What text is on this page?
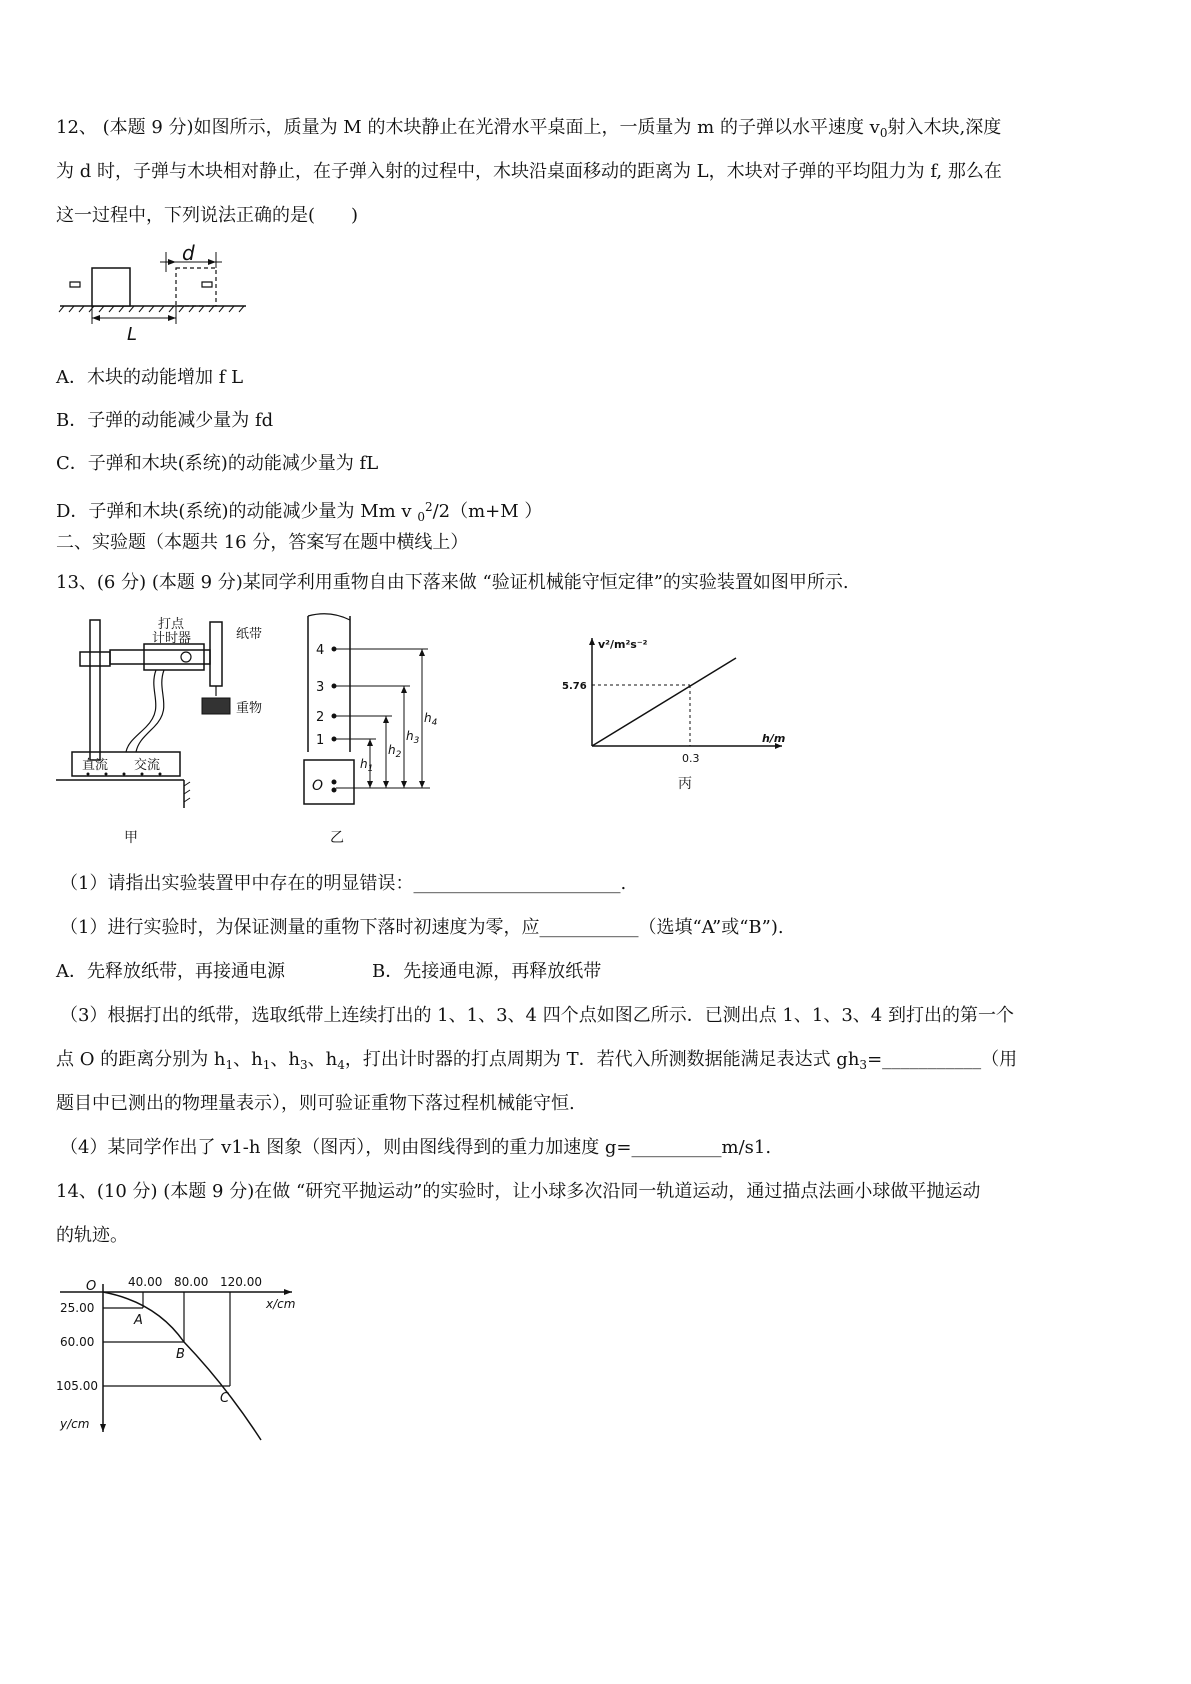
12、 (本题 9 分)如图所示，质量为 M 的木块静止在光滑水平桌面上，一质量为 m 的子弹以水平速度 $v_0$射入木块,深度
为 d 时，子弹与木块相对静止，在子弹入射的过程中，木块沿桌面移动的距离为 L，木块对子弹的平均阻力为 f, 那么在
这一过程中，下列说法正确的是(　　)
d
L
A．木块的动能增加 f L
B．子弹的动能减少量为 fd
C．子弹和木块(系统)的动能减少量为 fL
D．子弹和木块(系统)的动能减少量为 Mm v $_0^2$/2（m+M ）
二、实验题（本题共 16 分，答案写在题中横线上）
13、(6 分) (本题 9 分)某同学利用重物自由下落来做 “验证机械能守恒定律”的实验装置如图甲所示.
打点
计时器	纸带
重物
直流 交流
甲
4
3
2
1
O
$h_1$
$h_2$
$h_3$
$h_4$
乙
v²/m²s⁻²
h/m
5.76
0.3
丙
（1）请指出实验装置甲中存在的明显错误：_______________________.
（1）进行实验时，为保证测量的重物下落时初速度为零，应___________（选填“A”或“B”).
A．先释放纸带，再接通电源	B．先接通电源，再释放纸带
（3）根据打出的纸带，选取纸带上连续打出的 1、1、3、4 四个点如图乙所示．已测出点 1、1、3、4 到打出的第一个
点 O 的距离分别为 $h_1$、$h_1$、$h_3$、$h_4$，打出计时器的打点周期为 T．若代入所测数据能满足表达式 $gh_3=\_\_\_\_\_\_\_\_\_\_\_$（用
题目中已测出的物理量表示），则可验证重物下落过程机械能守恒.
（4）某同学作出了 v1-h 图象（图丙），则由图线得到的重力加速度 g=__________m/s1.
14、(10 分) (本题 9 分)在做 “研究平抛运动”的实验时，让小球多次沿同一轨道运动，通过描点法画小球做平抛运动
的轨迹。
O	40.00 80.00 120.00
x/cm
25.00
60.00
105.00
y/cm
A
B
C
